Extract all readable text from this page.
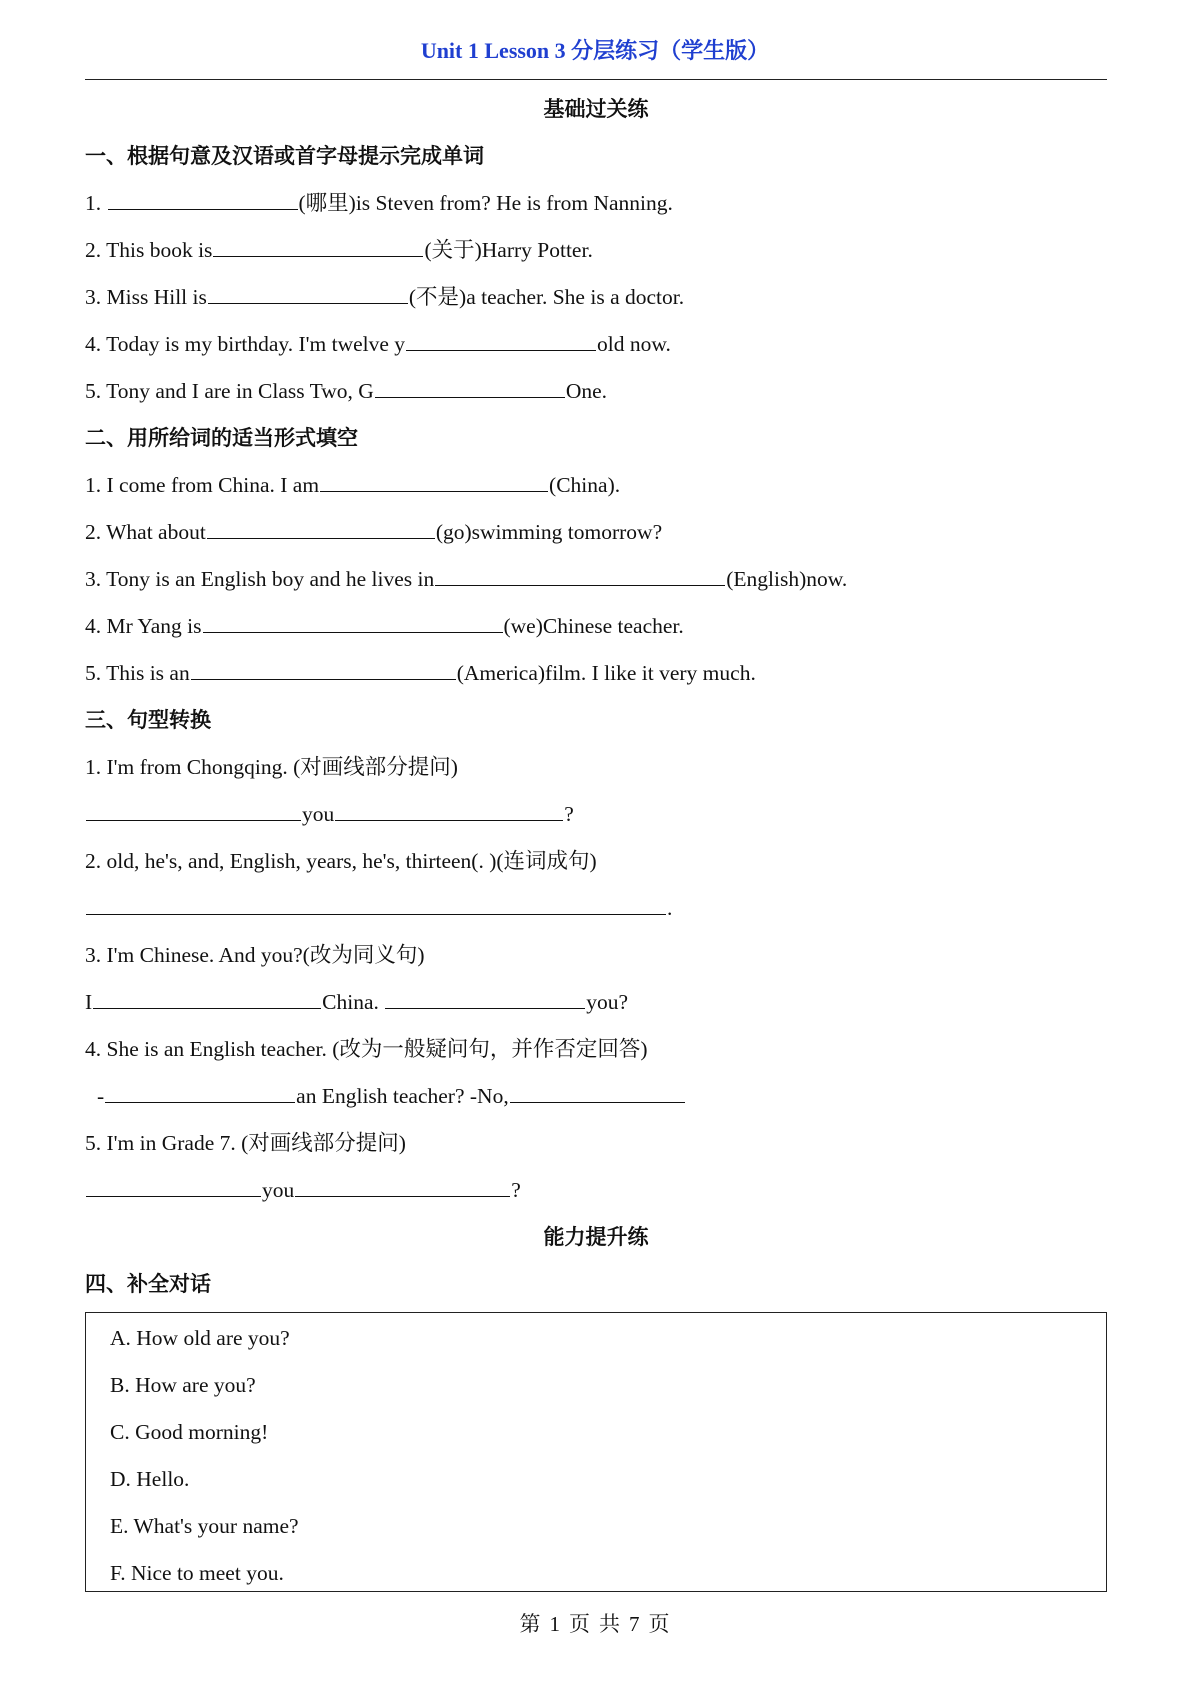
Unit 1 Lesson 3 分层练习（学生版）
基础过关练
一、根据句意及汉语或首字母提示完成单词
1.	(哪里)is Steven from? He is from Nanning.
2. This book is	(关于)Harry Potter.
3. Miss Hill is	(不是)a teacher. She is a doctor.
4. Today is my birthday. I'm twelve y	old now.
5. Tony and I are in Class Two, G	One.
二、用所给词的适当形式填空
1. I come from China. I am	(China).
2. What about	(go)swimming tomorrow?
3. Tony is an English boy and he lives in	(English)now.
4. Mr Yang is	(we)Chinese teacher.
5. This is an	(America)film. I like it very much.
三、句型转换
1. I'm from Chongqing. (对画线部分提问)
you	?
2. old, he's, and, English, years, he's, thirteen(. )(连词成句)
.
3. I'm Chinese. And you?(改为同义句)
I	China.	you?
4. She is an English teacher. (改为一般疑问句，并作否定回答)
-	an English teacher? -No,
5. I'm in Grade 7. (对画线部分提问)
you	?
能力提升练
四、补全对话
A. How old are you?
B. How are you?
C. Good morning!
D. Hello.
E. What's your name?
F. Nice to meet you.
第 1 页 共 7 页
